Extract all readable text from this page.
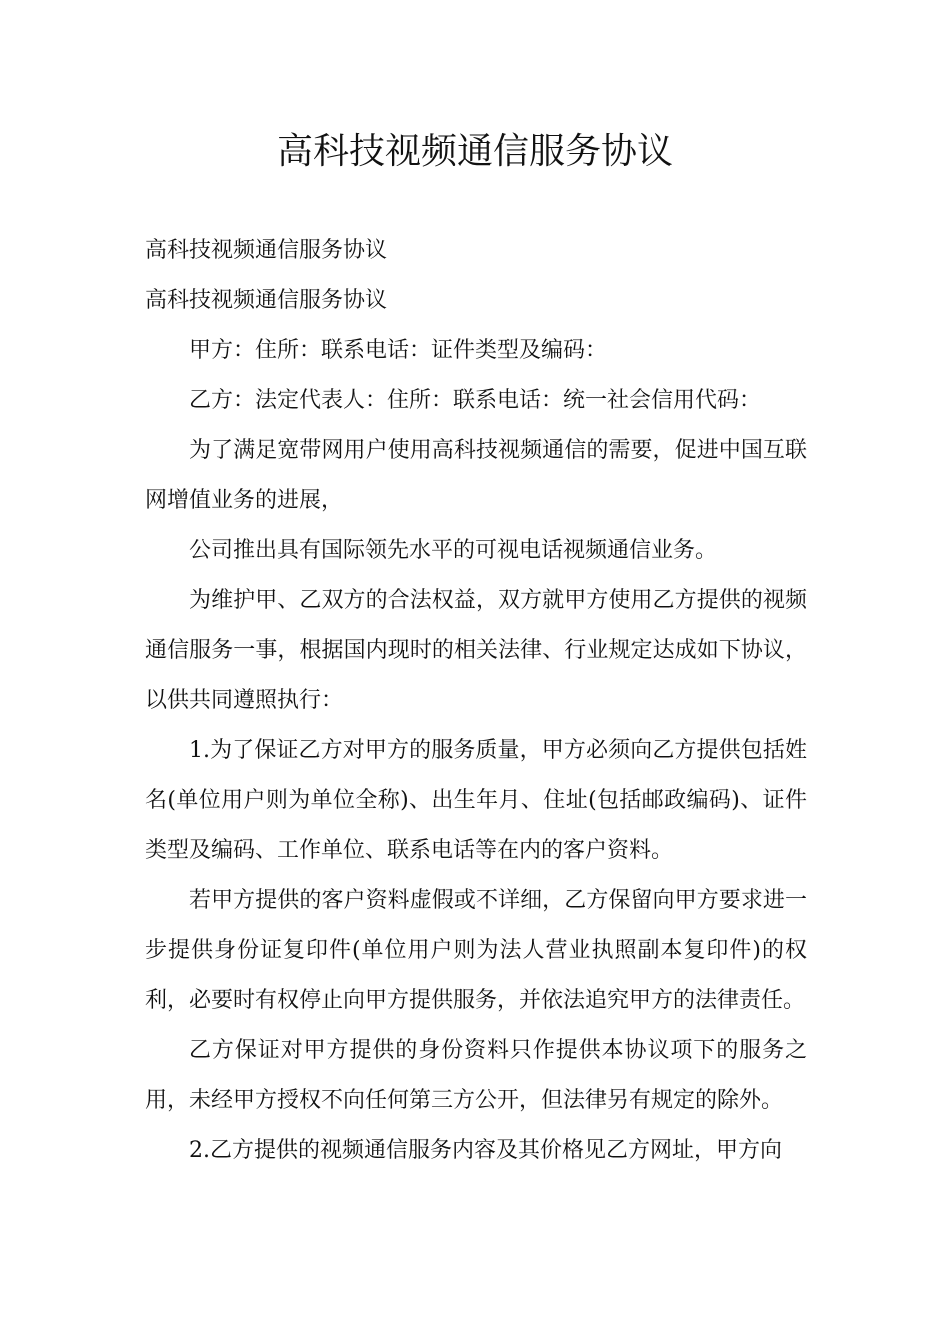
高科技视频通信服务协议

高科技视频通信服务协议

高科技视频通信服务协议

甲方：住所：联系电话：证件类型及编码：

乙方：法定代表人：住所：联系电话：统一社会信用代码：

为了满足宽带网用户使用高科技视频通信的需要，促进中国互联网增值业务的进展，

公司推出具有国际领先水平的可视电话视频通信业务。

为维护甲、乙双方的合法权益，双方就甲方使用乙方提供的视频通信服务一事，根据国内现时的相关法律、行业规定达成如下协议，以供共同遵照执行：

1.为了保证乙方对甲方的服务质量，甲方必须向乙方提供包括姓名(单位用户则为单位全称)、出生年月、住址(包括邮政编码)、证件类型及编码、工作单位、联系电话等在内的客户资料。

若甲方提供的客户资料虚假或不详细，乙方保留向甲方要求进一步提供身份证复印件(单位用户则为法人营业执照副本复印件)的权利，必要时有权停止向甲方提供服务，并依法追究甲方的法律责任。

乙方保证对甲方提供的身份资料只作提供本协议项下的服务之用，未经甲方授权不向任何第三方公开，但法律另有规定的除外。

2.乙方提供的视频通信服务内容及其价格见乙方网址，甲方向
